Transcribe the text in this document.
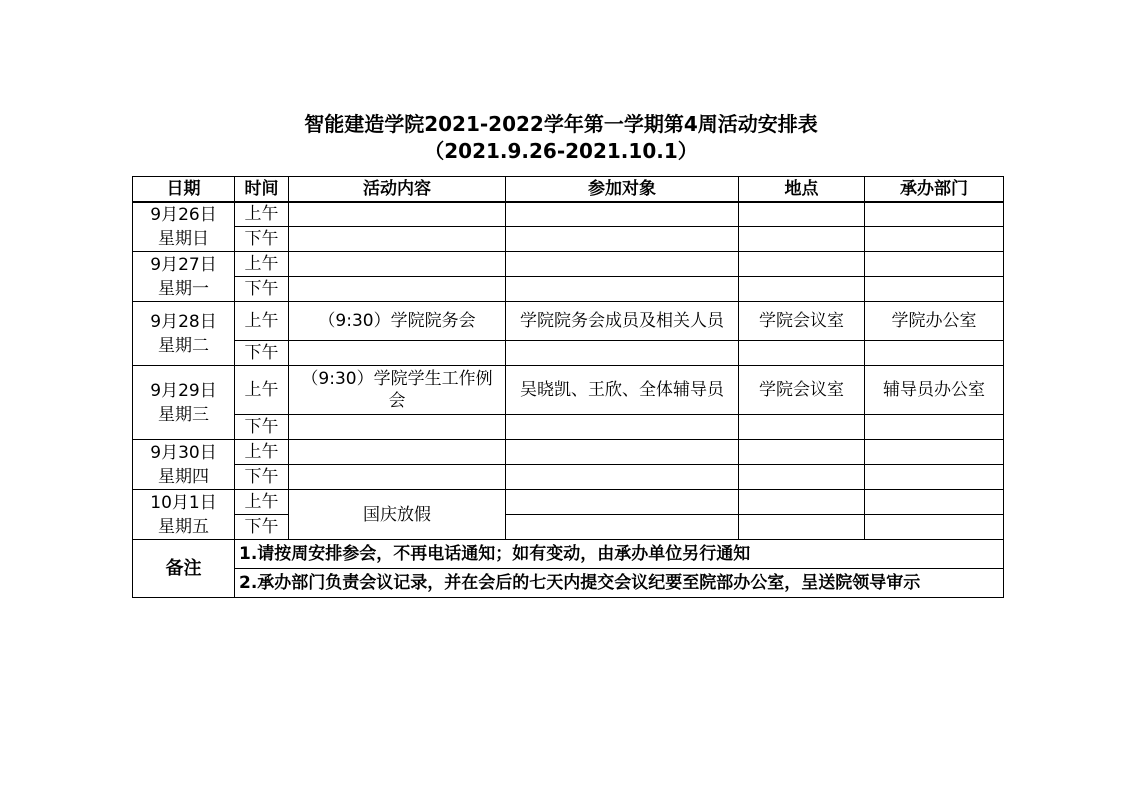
智能建造学院2021-2022学年第一学期第4周活动安排表
（2021.9.26-2021.10.1）
日期	时间	活动内容	参加对象	地点	承办部门

9月26日
星期日	上午				
	下午				

9月27日
星期一	上午				
	下午				

9月28日
星期二	上午	（9:30）学院院务会	学院院务会成员及相关人员	学院会议室	学院办公室
	下午				

9月29日
星期三	上午	（9:30）学院学生工作例会	吴晓凯、王欣、全体辅导员	学院会议室	辅导员办公室
	下午				

9月30日
星期四	上午				
	下午				

10月1日
星期五	上午	国庆放假			
	下午				
备注	1.请按周安排参会，不再电话通知；如有变动，由承办单位另行通知				
	2.承办部门负责会议记录，并在会后的七天内提交会议纪要至院部办公室，呈送院领导审示				
